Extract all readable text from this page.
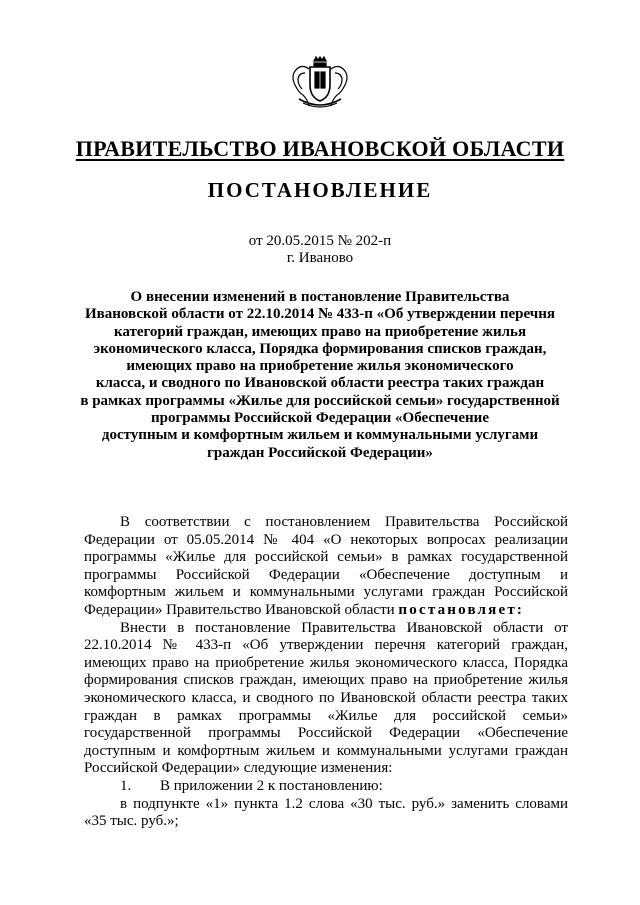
ПРАВИТЕЛЬСТВО ИВАНОВСКОЙ ОБЛАСТИ
ПОСТАНОВЛЕНИЕ
от 20.05.2015 № 202-п
г. Иваново
О внесении изменений в постановление Правительства
Ивановской области от 22.10.2014 № 433-п «Об утверждении перечня
категорий граждан, имеющих право на приобретение жилья
экономического класса, Порядка формирования списков граждан,
имеющих право на приобретение жилья экономического
класса, и сводного по Ивановской области реестра таких граждан
в рамках программы «Жилье для российской семьи» государственной
программы Российской Федерации «Обеспечение
доступным и комфортным жильем и коммунальными услугами
граждан Российской Федерации»

В соответствии с постановлением Правительства Российской Федерации от 05.05.2014 № 404 «О некоторых вопросах реализации программы «Жилье для российской семьи» в рамках государственной программы Российской Федерации «Обеспечение доступным и комфортным жильем и коммунальными услугами граждан Российской Федерации» Правительство Ивановской области постановляет:

Внести в постановление Правительства Ивановской области от 22.10.2014 № 433-п «Об утверждении перечня категорий граждан, имеющих право на приобретение жилья экономического класса, Порядка формирования списков граждан, имеющих право на приобретение жилья экономического класса, и сводного по Ивановской области реестра таких граждан в рамках программы «Жилье для российской семьи» государственной программы Российской Федерации «Обеспечение доступным и комфортным жильем и коммунальными услугами граждан Российской Федерации» следующие изменения:

1. В приложении 2 к постановлению:

в подпункте «1» пункта 1.2 слова «30 тыс. руб.» заменить словами «35 тыс. руб.»;
